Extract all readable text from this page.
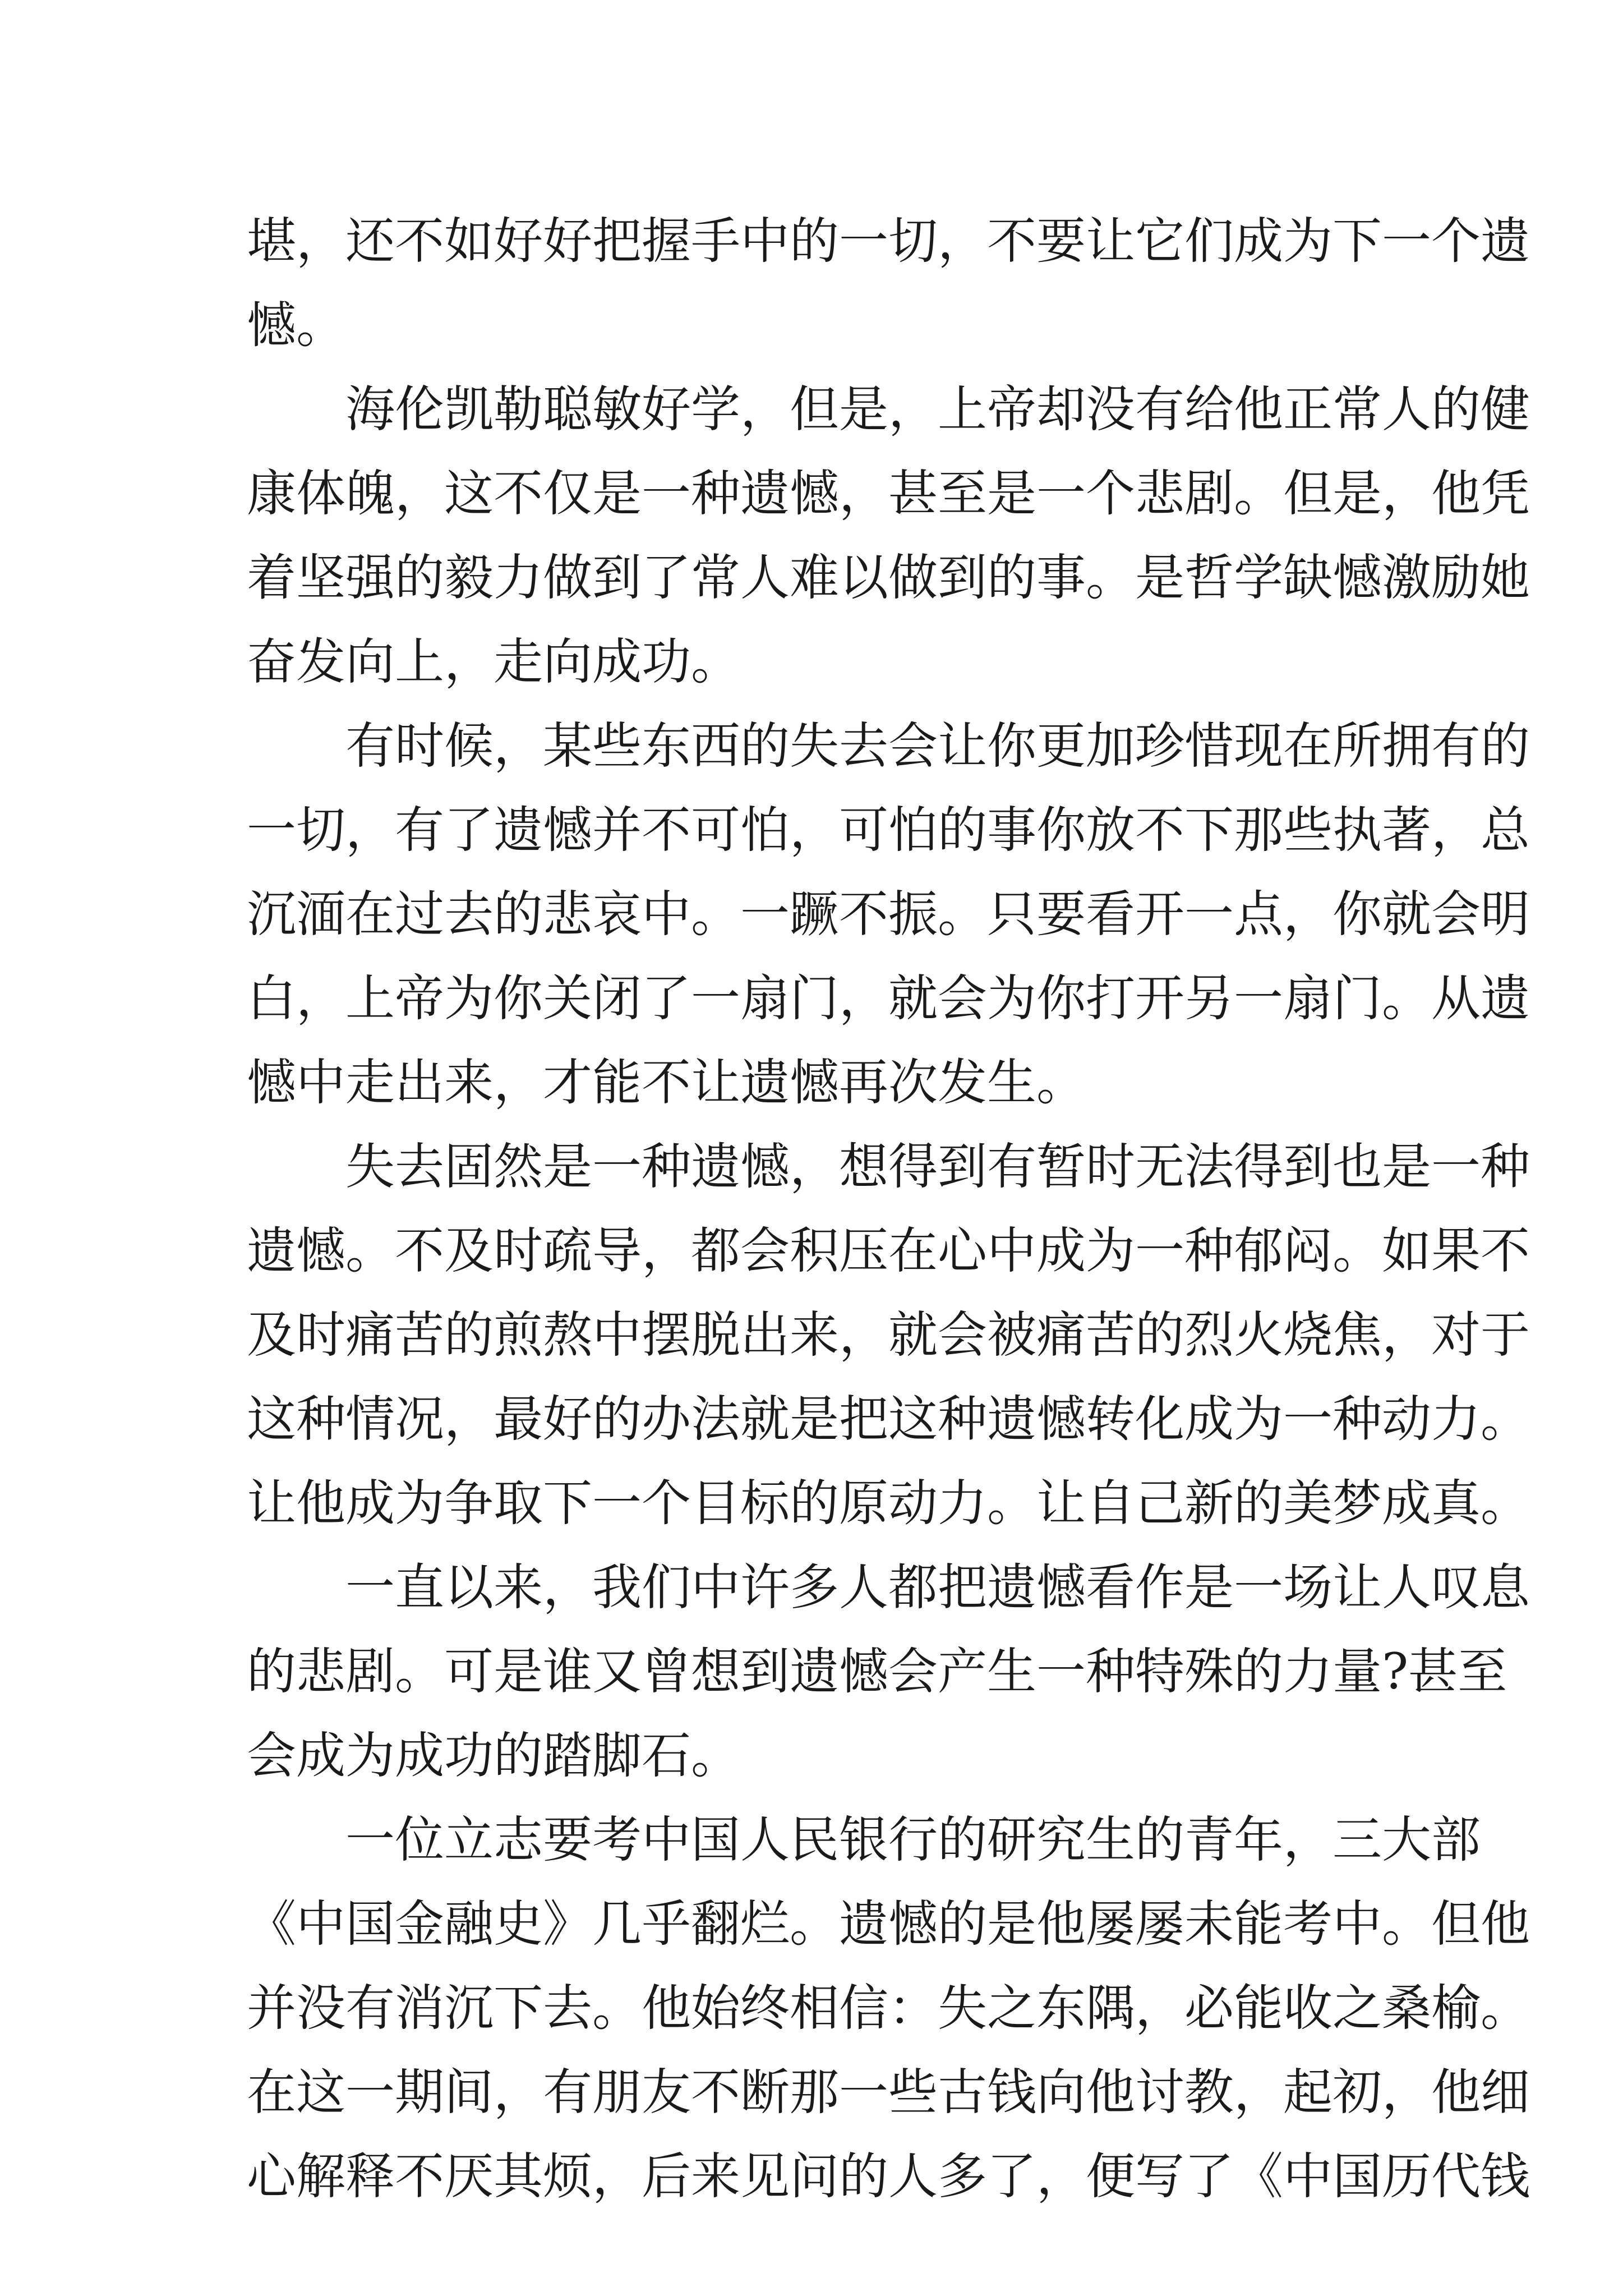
堪，还不如好好把握手中的一切，不要让它们成为下一个遗
憾。
海伦凯勒聪敏好学，但是，上帝却没有给他正常人的健
康体魄，这不仅是一种遗憾，甚至是一个悲剧。但是，他凭
着坚强的毅力做到了常人难以做到的事。是哲学缺憾激励她
奋发向上，走向成功。
有时候，某些东西的失去会让你更加珍惜现在所拥有的
一切，有了遗憾并不可怕，可怕的事你放不下那些执著，总
沉湎在过去的悲哀中。一蹶不振。只要看开一点，你就会明
白，上帝为你关闭了一扇门，就会为你打开另一扇门。从遗
憾中走出来，才能不让遗憾再次发生。
失去固然是一种遗憾，想得到有暂时无法得到也是一种
遗憾。不及时疏导，都会积压在心中成为一种郁闷。如果不
及时痛苦的煎熬中摆脱出来，就会被痛苦的烈火烧焦，对于
这种情况，最好的办法就是把这种遗憾转化成为一种动力。
让他成为争取下一个目标的原动力。让自己新的美梦成真。
一直以来，我们中许多人都把遗憾看作是一场让人叹息
的悲剧。可是谁又曾想到遗憾会产生一种特殊的力量?甚至
会成为成功的踏脚石。
一位立志要考中国人民银行的研究生的青年，三大部
《中国金融史》几乎翻烂。遗憾的是他屡屡未能考中。但他
并没有消沉下去。他始终相信：失之东隅，必能收之桑榆。
在这一期间，有朋友不断那一些古钱向他讨教，起初，他细
心解释不厌其烦，后来见问的人多了，便写了《中国历代钱
